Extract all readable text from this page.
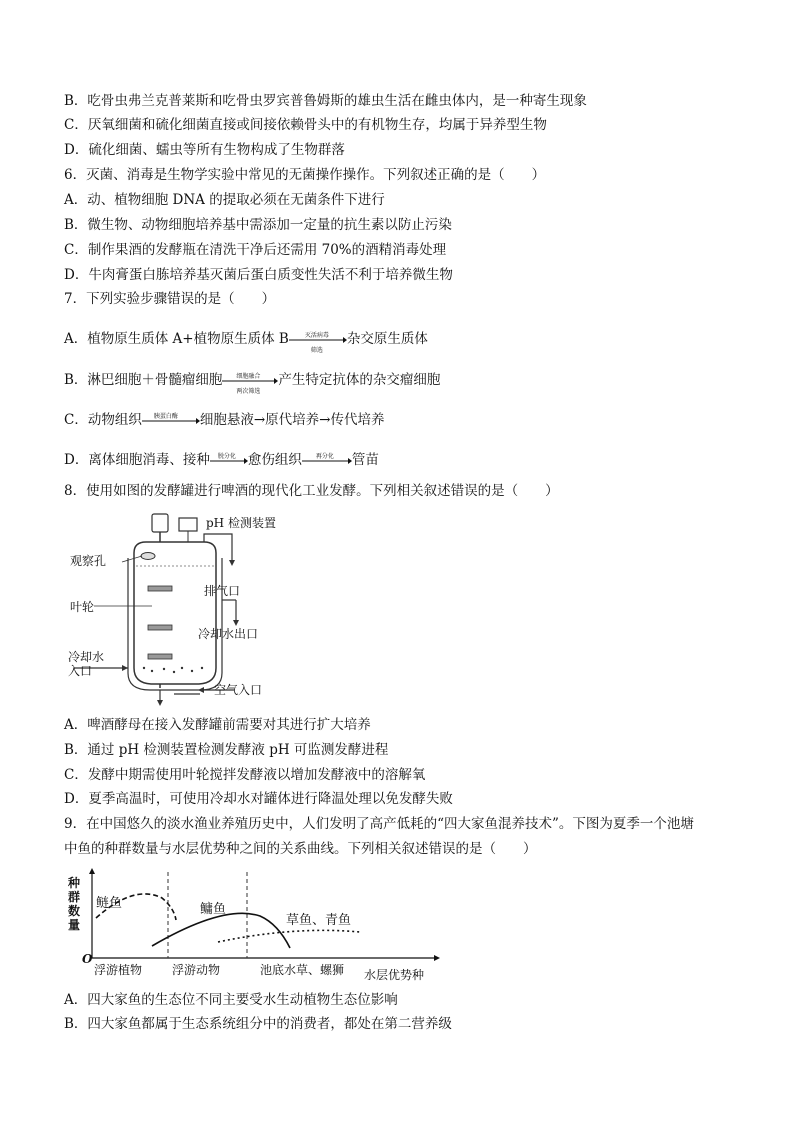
B．吃骨虫弗兰克普莱斯和吃骨虫罗宾普鲁姆斯的雄虫生活在雌虫体内，是一种寄生现象
C．厌氧细菌和硫化细菌直接或间接依赖骨头中的有机物生存，均属于异养型生物
D．硫化细菌、蠕虫等所有生物构成了生物群落
6．灭菌、消毒是生物学实验中常见的无菌操作操作。下列叙述正确的是（　　）
A．动、植物细胞 DNA 的提取必须在无菌条件下进行
B．微生物、动物细胞培养基中需添加一定量的抗生素以防止污染
C．制作果酒的发酵瓶在清洗干净后还需用 70%的酒精消毒处理
D．牛肉膏蛋白胨培养基灭菌后蛋白质变性失活不利于培养微生物
7．下列实验步骤错误的是（　　）
A．植物原生质体 A+植物原生质体 B	灭活病毒
筛选
杂交原生质体
B．淋巴细胞＋骨髓瘤细胞 细胞融合
两次筛选
产生特定抗体的杂交瘤细胞
C．动物组织 胰蛋白酶 细胞悬液→原代培养→传代培养
D．离体细胞消毒、接种 脱分化 愈伤组织 再分化 管苗
8．使用如图的发酵罐进行啤酒的现代化工业发酵。下列相关叙述错误的是（　　）
pH 检测装置
观察孔
排气口
叶轮
冷却水出口
冷却水
入口
空气入口
A．啤酒酵母在接入发酵罐前需要对其进行扩大培养
B．通过 pH 检测装置检测发酵液 pH 可监测发酵进程
C．发酵中期需使用叶轮搅拌发酵液以增加发酵液中的溶解氧
D．夏季高温时，可使用冷却水对罐体进行降温处理以免发酵失败
9．在中国悠久的淡水渔业养殖历史中，人们发明了高产低耗的“四大家鱼混养技术”。下图为夏季一个池塘
中鱼的种群数量与水层优势种之间的关系曲线。下列相关叙述错误的是（　　）
种群数量
O
鲢鱼	鳙鱼
草鱼、青鱼
浮游植物 浮游动物	池底水草、螺狮 水层优势种
A．四大家鱼的生态位不同主要受水生动植物生态位影响
B．四大家鱼都属于生态系统组分中的消费者，都处在第二营养级
